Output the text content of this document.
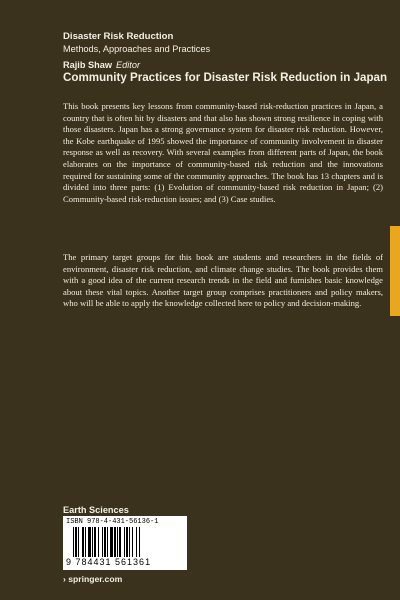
Disaster Risk Reduction
Methods, Approaches and Practices
Rajib Shaw Editor
Community Practices for Disaster Risk Reduction in Japan

This book presents key lessons from community-based risk-reduction practices in Japan, a country that is often hit by disasters and that also has shown strong resilience in coping with those disasters. Japan has a strong governance system for disaster risk reduction. However, the Kobe earthquake of 1995 showed the importance of community involvement in disaster response as well as recovery. With several examples from different parts of Japan, the book elaborates on the importance of community-based risk reduction and the innovations required for sustaining some of the community approaches. The book has 13 chapters and is divided into three parts: (1) Evolution of community-based risk reduction in Japan; (2) Community-based risk-reduction issues; and (3) Case studies.

The primary target groups for this book are students and researchers in the fields of environment, disaster risk reduction, and climate change studies. The book provides them with a good idea of the current research trends in the field and furnishes basic knowledge about these vital topics. Another target group comprises practitioners and policy makers, who will be able to apply the knowledge collected here to policy and decision-making.

Earth Sciences
ISBN 978-4-431-56136-1
9 784431 561361
› springer.com
